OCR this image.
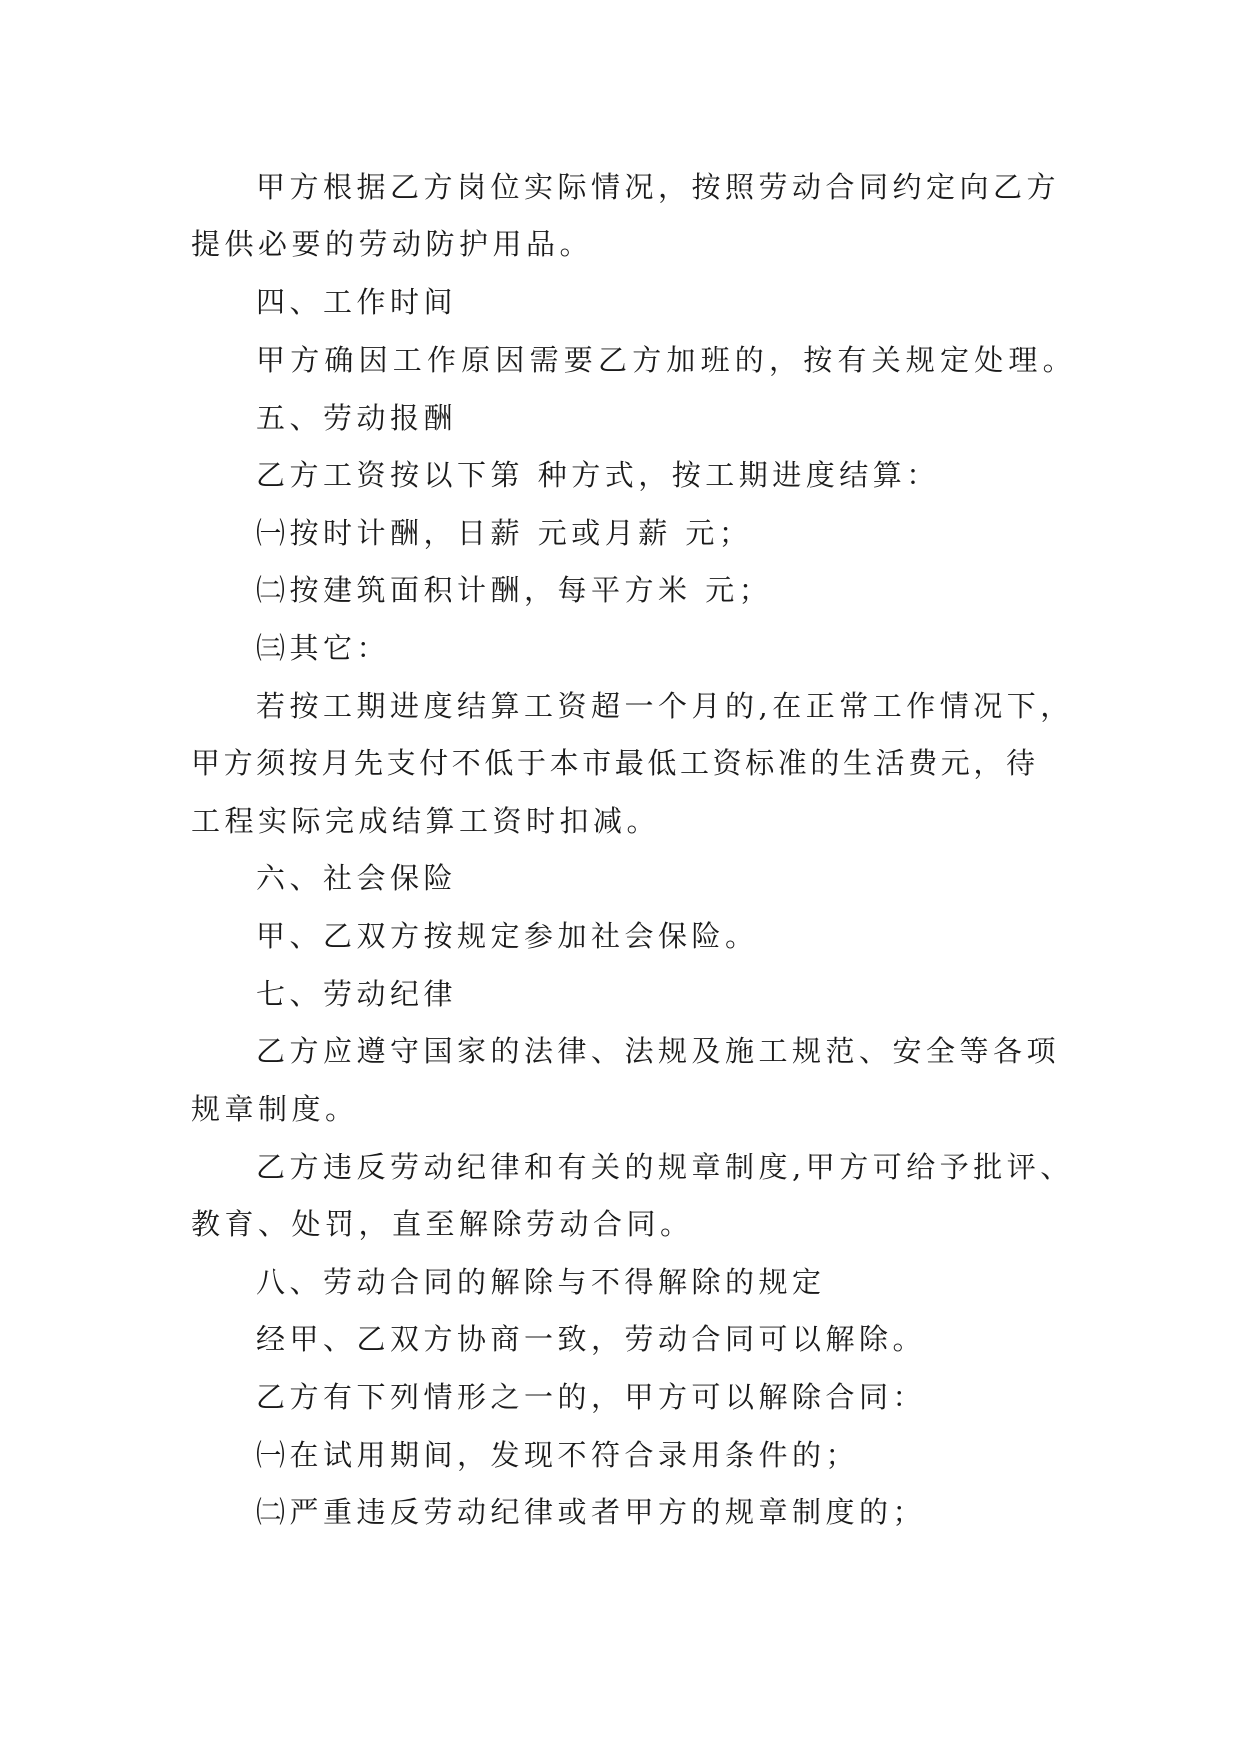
甲方根据乙方岗位实际情况，按照劳动合同约定向乙方
提供必要的劳动防护用品。
四、工作时间
甲方确因工作原因需要乙方加班的，按有关规定处理。
五、劳动报酬
乙方工资按以下第 种方式，按工期进度结算：
㈠按时计酬，日薪 元或月薪 元；
㈡按建筑面积计酬，每平方米 元；
㈢其它：
若按工期进度结算工资超一个月的,在正常工作情况下，
甲方须按月先支付不低于本市最低工资标准的生活费元，待
工程实际完成结算工资时扣减。
六、社会保险
甲、乙双方按规定参加社会保险。
七、劳动纪律
乙方应遵守国家的法律、法规及施工规范、安全等各项
规章制度。
乙方违反劳动纪律和有关的规章制度,甲方可给予批评、
教育、处罚，直至解除劳动合同。
八、劳动合同的解除与不得解除的规定
经甲、乙双方协商一致，劳动合同可以解除。
乙方有下列情形之一的，甲方可以解除合同：
㈠在试用期间，发现不符合录用条件的；
㈡严重违反劳动纪律或者甲方的规章制度的；
